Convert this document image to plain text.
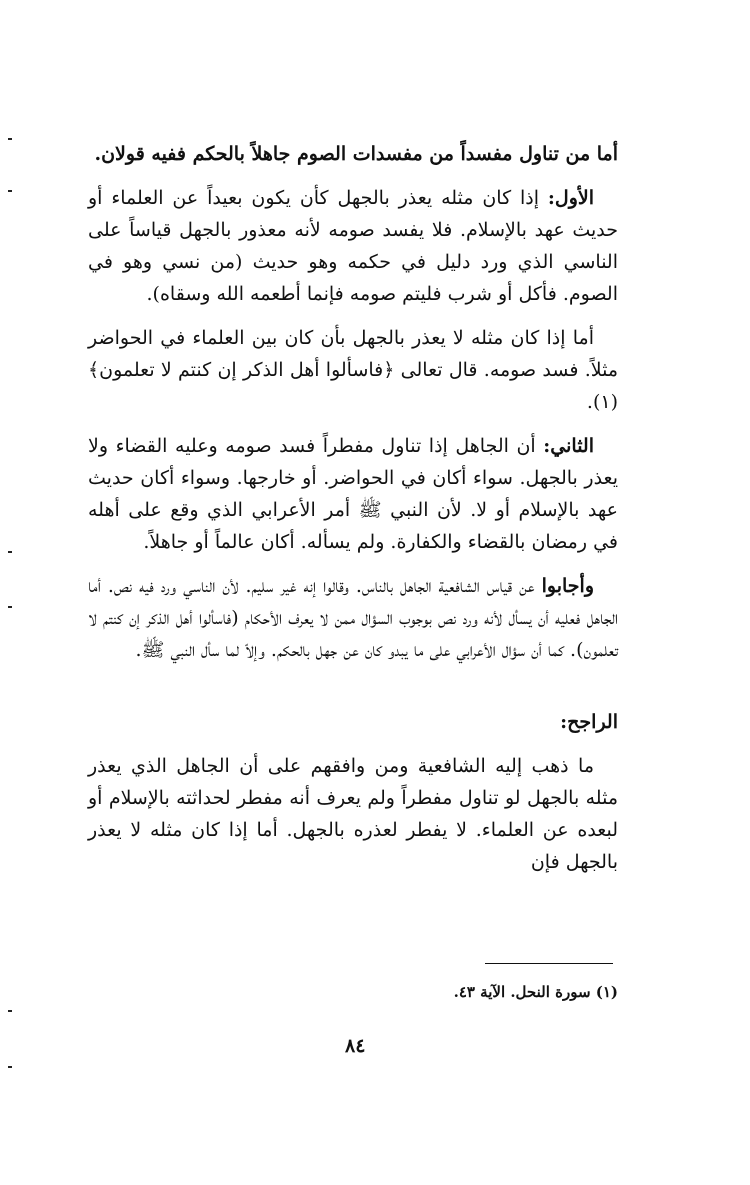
أما من تناول مفسداً من مفسدات الصوم جاهلاً بالحكم ففيه قولان.

الأول: إذا كان مثله يعذر بالجهل كأن يكون بعيداً عن العلماء أو حديث عهد بالإسلام. فلا يفسد صومه لأنه معذور بالجهل قياساً على الناسي الذي ورد دليل في حكمه وهو حديث (من نسي وهو في الصوم. فأكل أو شرب فليتم صومه فإنما أطعمه الله وسقاه).

أما إذا كان مثله لا يعذر بالجهل بأن كان بين العلماء في الحواضر مثلاً. فسد صومه. قال تعالى ﴿فاسألوا أهل الذكر إن كنتم لا تعلمون﴾(١).

الثاني: أن الجاهل إذا تناول مفطراً فسد صومه وعليه القضاء ولا يعذر بالجهل. سواء أكان في الحواضر. أو خارجها. وسواء أكان حديث عهد بالإسلام أو لا. لأن النبي ﷺ أمر الأعرابي الذي وقع على أهله في رمضان بالقضاء والكفارة. ولم يسأله. أكان عالماً أو جاهلاً.

وأجابوا عن قياس الشافعية الجاهل بالناس. وقالوا إنه غير سليم. لأن الناسي ورد فيه نص. أما الجاهل فعليه أن يسأل لأنه ورد نص بوجوب السؤال ممن لا يعرف الأحكام (فاسألوا أهل الذكر إن كنتم لا تعلمون). كما أن سؤال الأعرابي على ما يبدو كان عن جهل بالحكم. وإلاّ لما سأل النبي ﷺ.

الراجح:

ما ذهب إليه الشافعية ومن وافقهم على أن الجاهل الذي يعذر مثله بالجهل لو تناول مفطراً ولم يعرف أنه مفطر لحداثته بالإسلام أو لبعده عن العلماء. لا يفطر لعذره بالجهل. أما إذا كان مثله لا يعذر بالجهل فإن

(١) سورة النحل. الآية ٤٣.
٨٤
